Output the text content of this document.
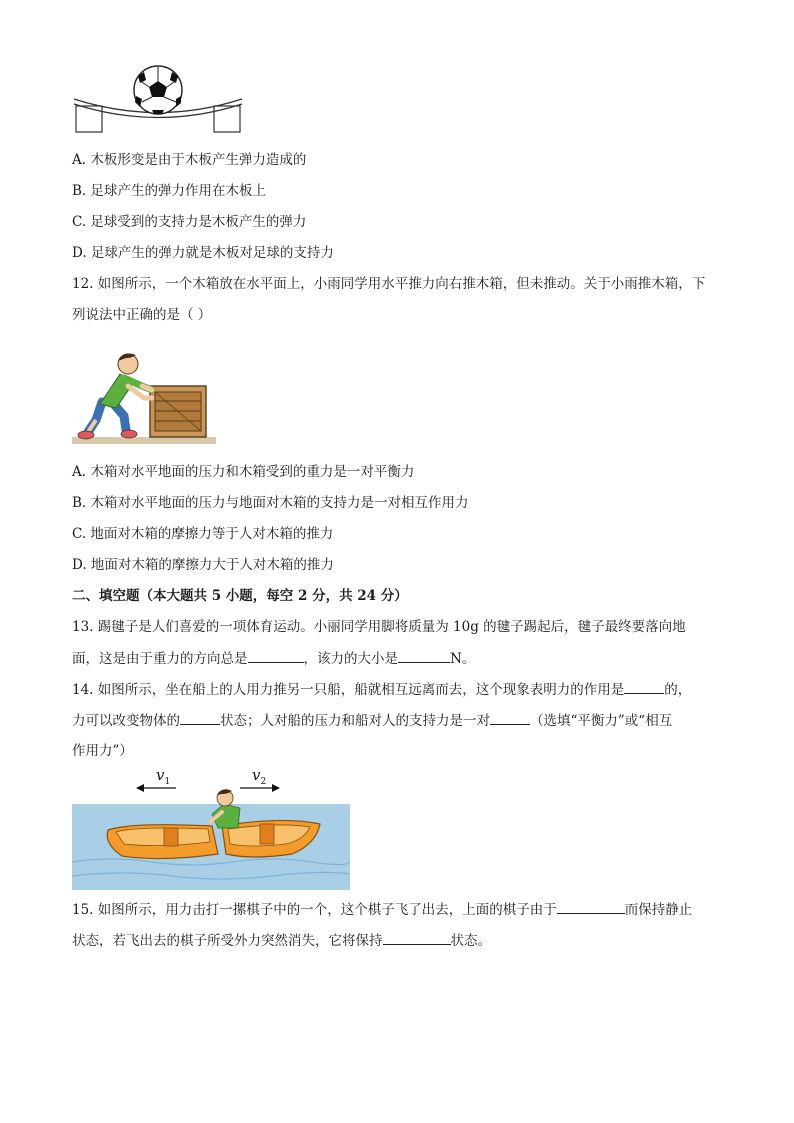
A. 木板形变是由于木板产生弹力造成的
B. 足球产生的弹力作用在木板上
C. 足球受到的支持力是木板产生的弹力
D. 足球产生的弹力就是木板对足球的支持力
12. 如图所示，一个木箱放在水平面上，小雨同学用水平推力向右推木箱，但未推动。关于小雨推木箱，下
列说法中正确的是（ ）
A. 木箱对水平地面的压力和木箱受到的重力是一对平衡力
B. 木箱对水平地面的压力与地面对木箱的支持力是一对相互作用力
C. 地面对木箱的摩擦力等于人对木箱的推力
D. 地面对木箱的摩擦力大于人对木箱的推力
二、填空题（本大题共 5 小题，每空 2 分，共 24 分）
13. 踢毽子是人们喜爱的一项体育运动。小丽同学用脚将质量为 10g 的毽子踢起后，毽子最终要落向地
面，这是由于重力的方向总是	，该力的大小是	N。
14. 如图所示，坐在船上的人用力推另一只船，船就相互远离而去，这个现象表明力的作用是	的，
力可以改变物体的	状态；人对船的压力和船对人的支持力是一对	（选填“平衡力”或“相互
作用力”）
$v_1$	$v_2$
15. 如图所示，用力击打一摞棋子中的一个，这个棋子飞了出去，上面的棋子由于	而保持静止
状态，若飞出去的棋子所受外力突然消失，它将保持	状态。
